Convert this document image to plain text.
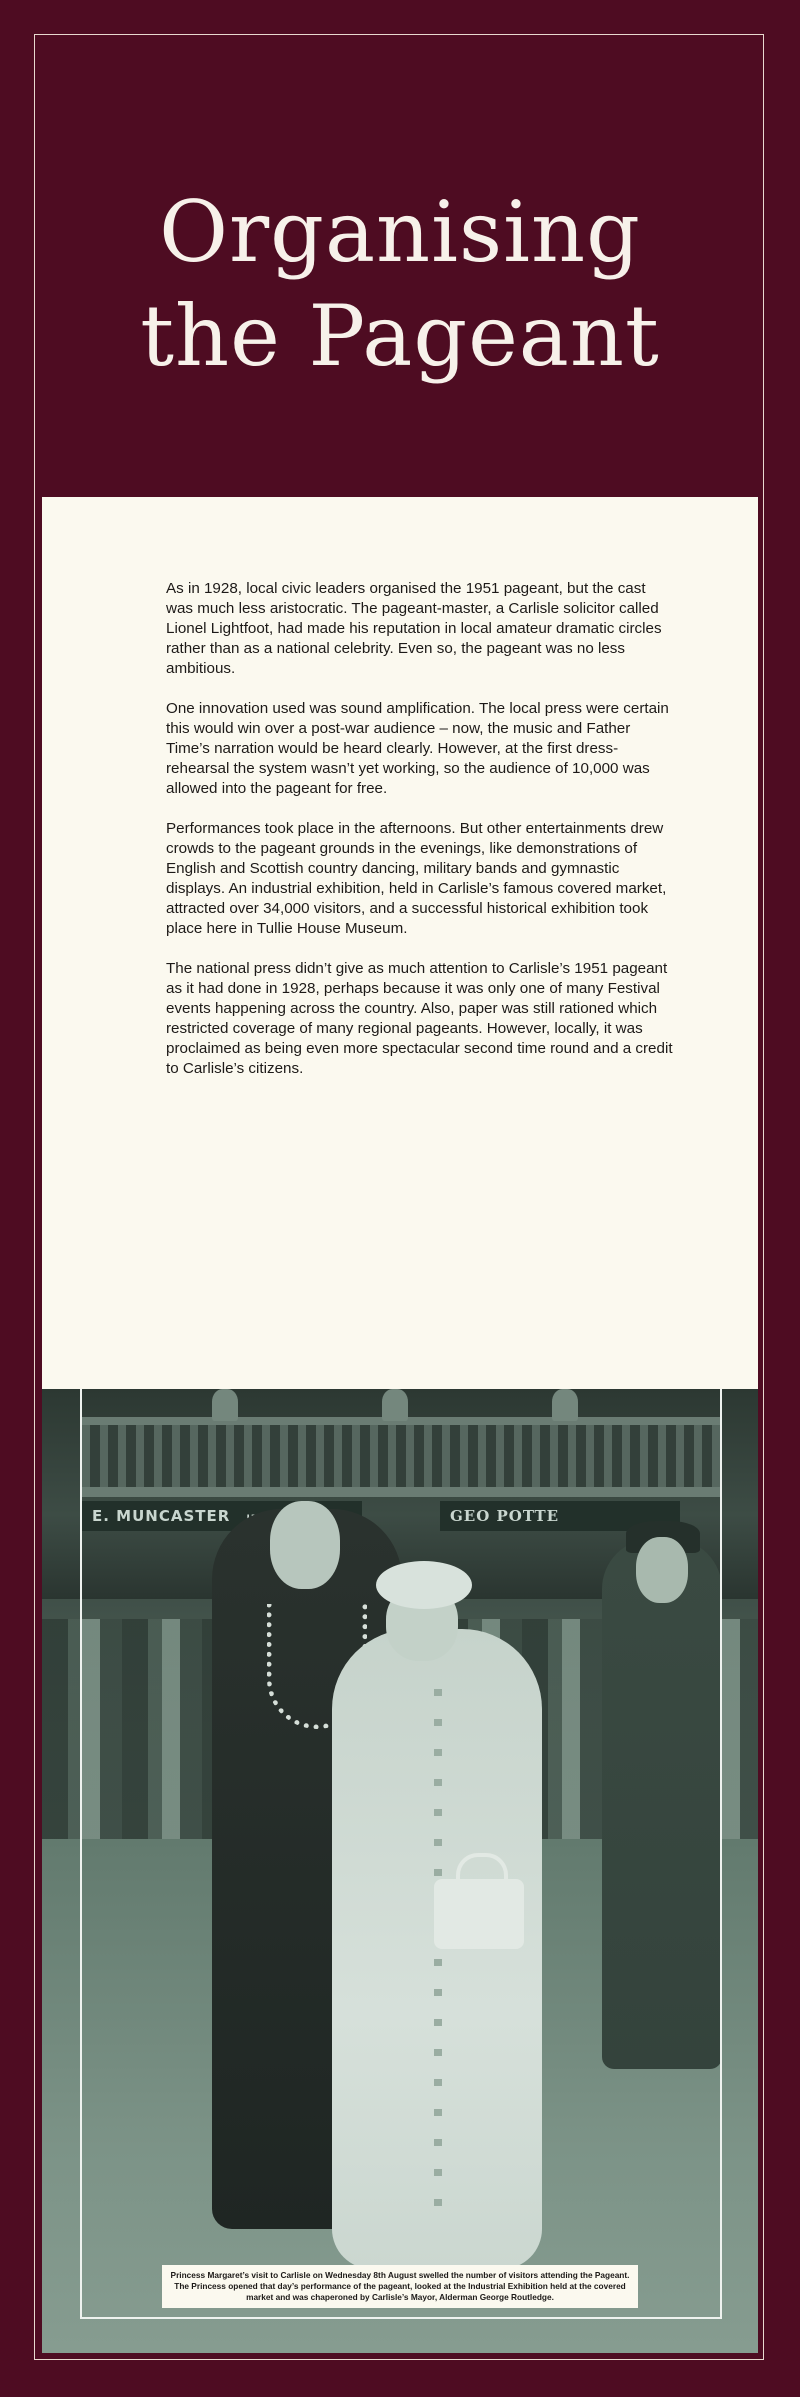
Organising
the Pageant

As in 1928, local civic leaders organised the 1951 pageant, but the cast was much less aristocratic. The pageant-master, a Carlisle solicitor called Lionel Lightfoot, had made his reputation in local amateur dramatic circles rather than as a national celebrity. Even so, the pageant was no less ambitious.

One innovation used was sound amplification. The local press were certain this would win over a post-war audience – now, the music and Father Time’s narration would be heard clearly. However, at the first dress-rehearsal the system wasn’t yet working, so the audience of 10,000 was allowed into the pageant for free.

Performances took place in the afternoons. But other entertainments drew crowds to the pageant grounds in the evenings, like demonstrations of English and Scottish country dancing, military bands and gymnastic displays. An industrial exhibition, held in Carlisle’s famous covered market, attracted over 34,000 visitors, and a successful historical exhibition took place here in Tullie House Museum.

The national press didn’t give as much attention to Carlisle’s 1951 pageant as it had done in 1928, perhaps because it was only one of many Festival events happening across the country. Also, paper was still rationed which restricted coverage of many regional pageants. However, locally, it was proclaimed as being even more spectacular second time round and a credit to Carlisle’s citizens.

E. MUNCASTER	GEO POTTE
Princess Margaret’s visit to Carlisle on Wednesday 8th August swelled the number of visitors attending the Pageant. The Princess opened that day’s performance of the pageant, looked at the Industrial Exhibition held at the covered market and was chaperoned by Carlisle’s Mayor, Alderman George Routledge.
